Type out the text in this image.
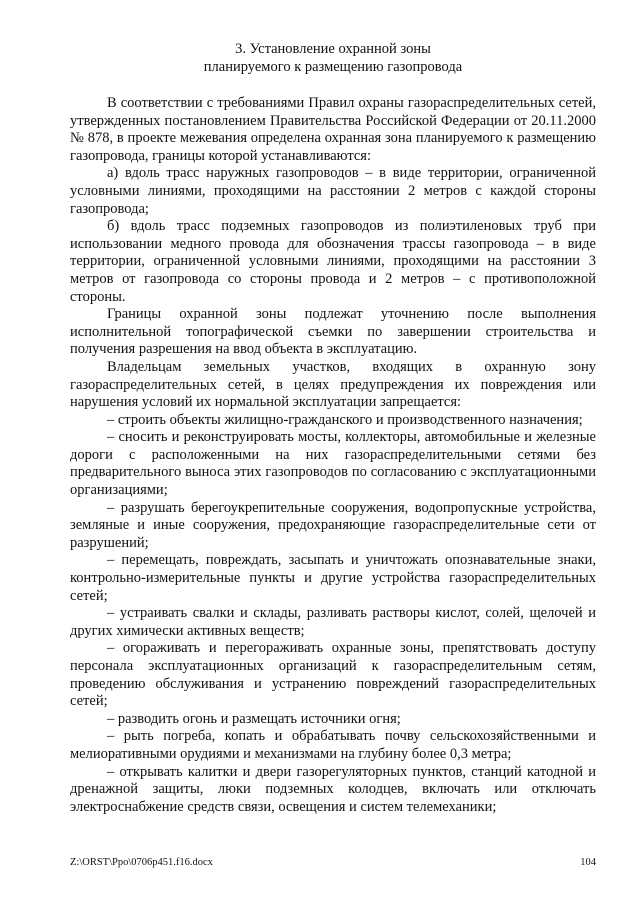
3. Установление охранной зоны
планируемого к размещению газопровода

В соответствии с требованиями Правил охраны газораспределительных сетей, утвержденных постановлением Правительства Российской Федерации от 20.11.2000 № 878, в проекте межевания определена охранная зона планируемого к размещению газопровода, границы которой устанавливаются:

а) вдоль трасс наружных газопроводов – в виде территории, ограниченной условными линиями, проходящими на расстоянии 2 метров с каждой стороны газопровода;

б) вдоль трасс подземных газопроводов из полиэтиленовых труб при использовании медного провода для обозначения трассы газопровода – в виде территории, ограниченной условными линиями, проходящими на расстоянии 3 метров от газопровода со стороны провода и 2 метров – с противоположной стороны.

Границы охранной зоны подлежат уточнению после выполнения исполнительной топографической съемки по завершении строительства и получения разрешения на ввод объекта в эксплуатацию.

Владельцам земельных участков, входящих в охранную зону газораспределительных сетей, в целях предупреждения их повреждения или нарушения условий их нормальной эксплуатации запрещается:

– строить объекты жилищно-гражданского и производственного назначения;

– сносить и реконструировать мосты, коллекторы, автомобильные и железные дороги с расположенными на них газораспределительными сетями без предварительного выноса этих газопроводов по согласованию с эксплуатационными организациями;

– разрушать берегоукрепительные сооружения, водопропускные устройства, земляные и иные сооружения, предохраняющие газораспределительные сети от разрушений;

– перемещать, повреждать, засыпать и уничтожать опознавательные знаки, контрольно-измерительные пункты и другие устройства газораспределительных сетей;

– устраивать свалки и склады, разливать растворы кислот, солей, щелочей и других химически активных веществ;

– огораживать и перегораживать охранные зоны, препятствовать доступу персонала эксплуатационных организаций к газораспределительным сетям, проведению обслуживания и устранению повреждений газораспределительных сетей;

– разводить огонь и размещать источники огня;

– рыть погреба, копать и обрабатывать почву сельскохозяйственными и мелиоративными орудиями и механизмами на глубину более 0,3 метра;

– открывать калитки и двери газорегуляторных пунктов, станций катодной и дренажной защиты, люки подземных колодцев, включать или отключать электроснабжение средств связи, освещения и систем телемеханики;

Z:\ORST\Ppo\0706p451.f16.docx	104
